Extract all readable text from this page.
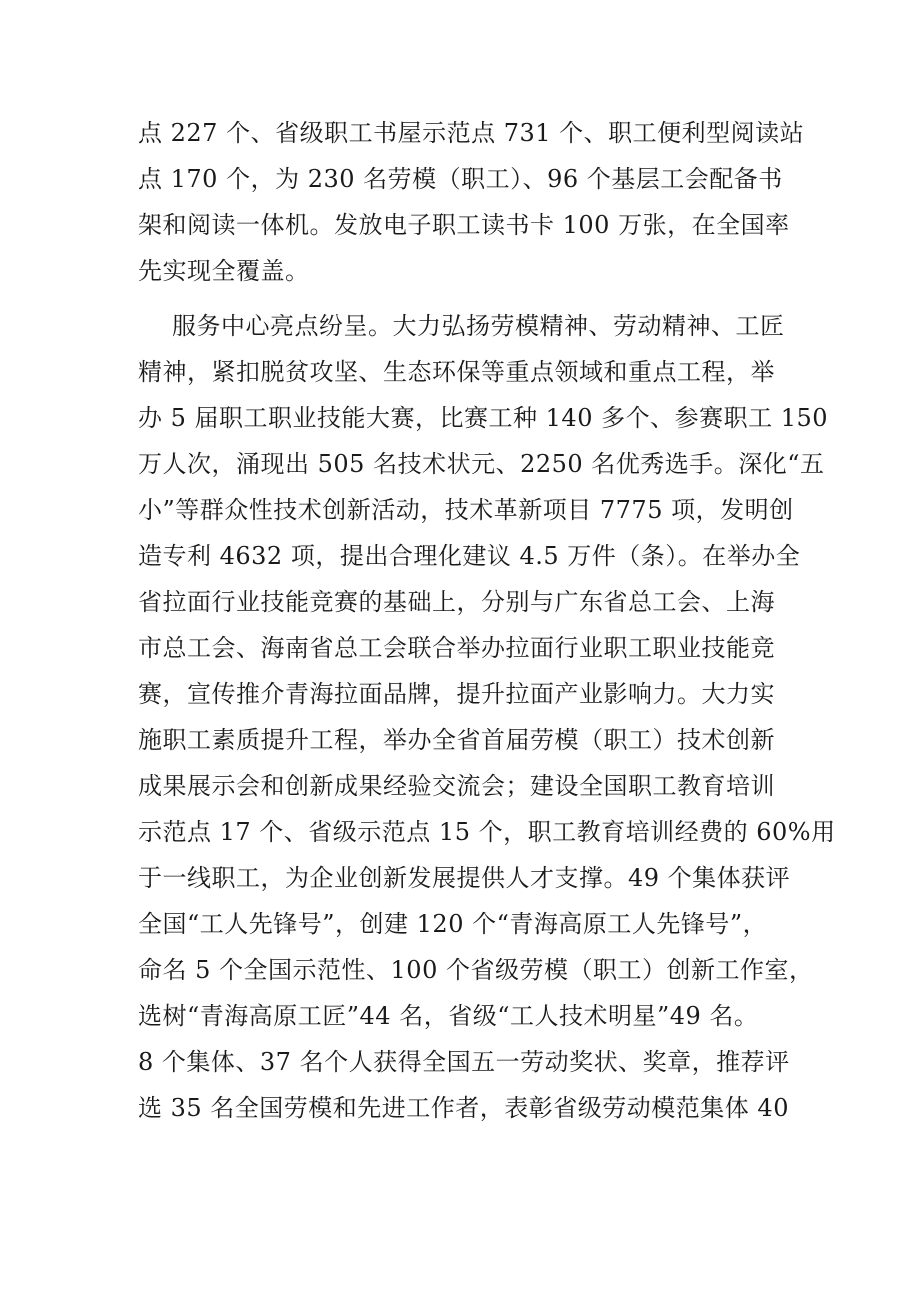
点 227 个、省级职工书屋示范点 731 个、职工便利型阅读站
点 170 个，为 230 名劳模（职工）、96 个基层工会配备书
架和阅读一体机。发放电子职工读书卡 100 万张，在全国率
先实现全覆盖。
服务中心亮点纷呈。大力弘扬劳模精神、劳动精神、工匠
精神，紧扣脱贫攻坚、生态环保等重点领域和重点工程，举
办 5 届职工职业技能大赛，比赛工种 140 多个、参赛职工 150
万人次，涌现出 505 名技术状元、2250 名优秀选手。深化“五
小”等群众性技术创新活动，技术革新项目 7775 项，发明创
造专利 4632 项，提出合理化建议 4.5 万件（条）。在举办全
省拉面行业技能竞赛的基础上，分别与广东省总工会、上海
市总工会、海南省总工会联合举办拉面行业职工职业技能竞
赛，宣传推介青海拉面品牌，提升拉面产业影响力。大力实
施职工素质提升工程，举办全省首届劳模（职工）技术创新
成果展示会和创新成果经验交流会；建设全国职工教育培训
示范点 17 个、省级示范点 15 个，职工教育培训经费的 60%用
于一线职工，为企业创新发展提供人才支撑。49 个集体获评
全国“工人先锋号”，创建 120 个“青海高原工人先锋号”，
命名 5 个全国示范性、100 个省级劳模（职工）创新工作室，
选树“青海高原工匠”44 名，省级“工人技术明星”49 名。
8 个集体、37 名个人获得全国五一劳动奖状、奖章，推荐评
选 35 名全国劳模和先进工作者，表彰省级劳动模范集体 40
